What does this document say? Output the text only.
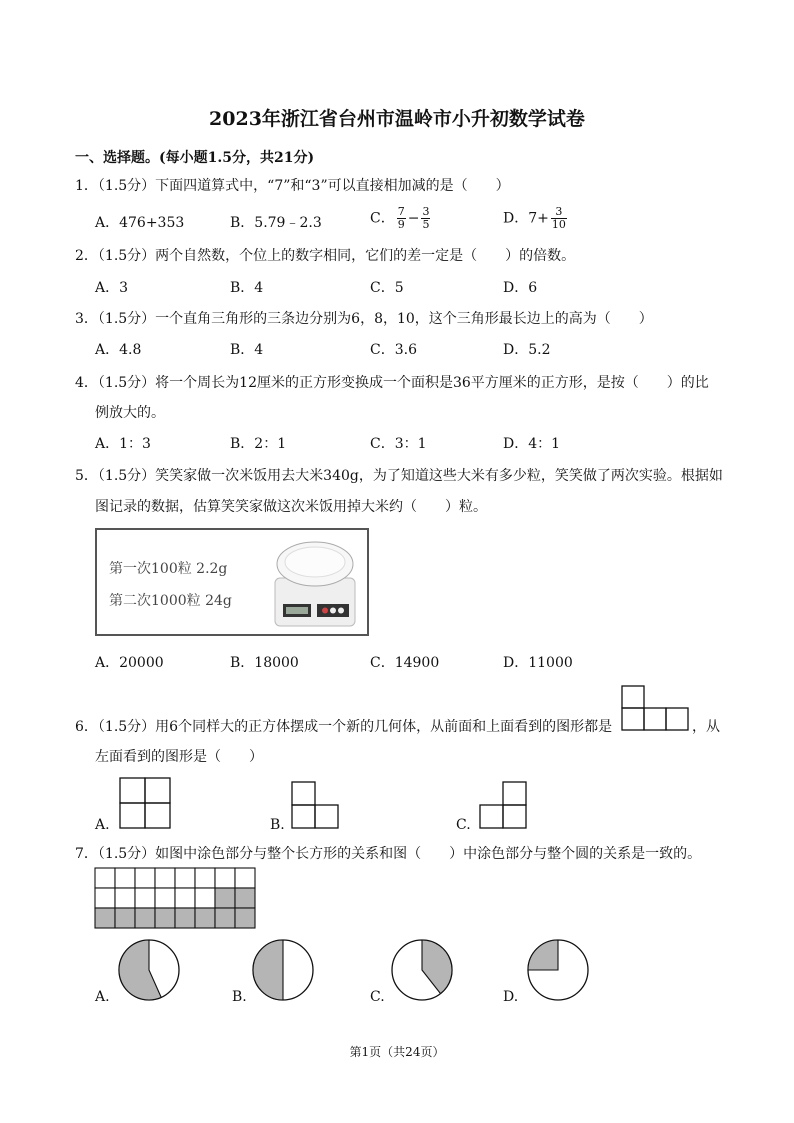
2023年浙江省台州市温岭市小升初数学试卷
一、选择题。(每小题1.5分，共21分)
1．（1.5分）下面四道算式中，“7”和“3”可以直接相加减的是（　　）
A．476+353	B．5.79﹣2.3	C． $\frac{7}{9} - \frac{3}{5}$	D．$7+ \frac{3}{10}$
2．（1.5分）两个自然数，个位上的数字相同，它们的差一定是（　　）的倍数。
A．3	B．4	C．5	D．6
3．（1.5分）一个直角三角形的三条边分别为6，8，10，这个三角形最长边上的高为（　　）
A．4.8	B．4	C．3.6	D．5.2
4．（1.5分）将一个周长为12厘米的正方形变换成一个面积是36平方厘米的正方形，是按（　　）的比
例放大的。
A．1：3	B．2：1	C．3：1	D．4：1
5．（1.5分）笑笑家做一次米饭用去大米340g，为了知道这些大米有多少粒，笑笑做了两次实验。根据如
图记录的数据，估算笑笑家做这次米饭用掉大米约（　　）粒。
第一次100粒 2.2g
第二次1000粒 24g
A．20000	B．18000	C．14900	D．11000
6．（1.5分）用6个同样大的正方体摆成一个新的几何体，从前面和上面看到的图形都是	，从
左面看到的图形是（　　）
A.	B.	C.
7．（1.5分）如图中涂色部分与整个长方形的关系和图（　　）中涂色部分与整个圆的关系是一致的。
A.	B.	C.	D.
第1页（共24页）
